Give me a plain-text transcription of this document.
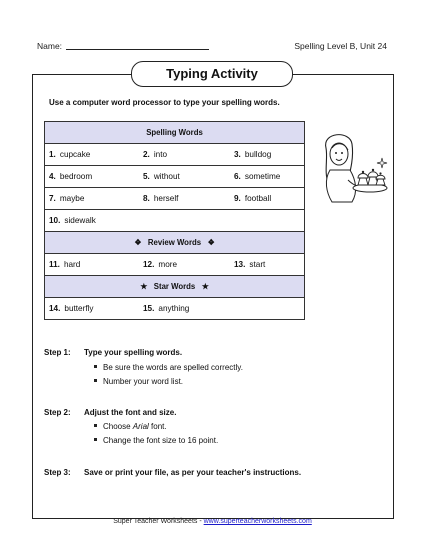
Name:	Spelling Level B, Unit 24
Typing Activity
Use a computer word processor to type your spelling words.
Spelling Words
1. cupcake	2. into	3. bulldog
4. bedroom	5. without	6. sometime
7. maybe	8. herself	9. football
10. sidewalk
❖ Review Words ❖
11. hard	12. more	13. start
★ Star Words ★
14. butterfly	15. anything
Step 1: Type your spelling words.
Be sure the words are spelled correctly.
Number your word list.
Step 2: Adjust the font and size.
Choose Arial font.
Change the font size to 16 point.
Step 3: Save or print your file, as per your teacher's instructions.
Super Teacher Worksheets - www.superteacherworksheets.com
